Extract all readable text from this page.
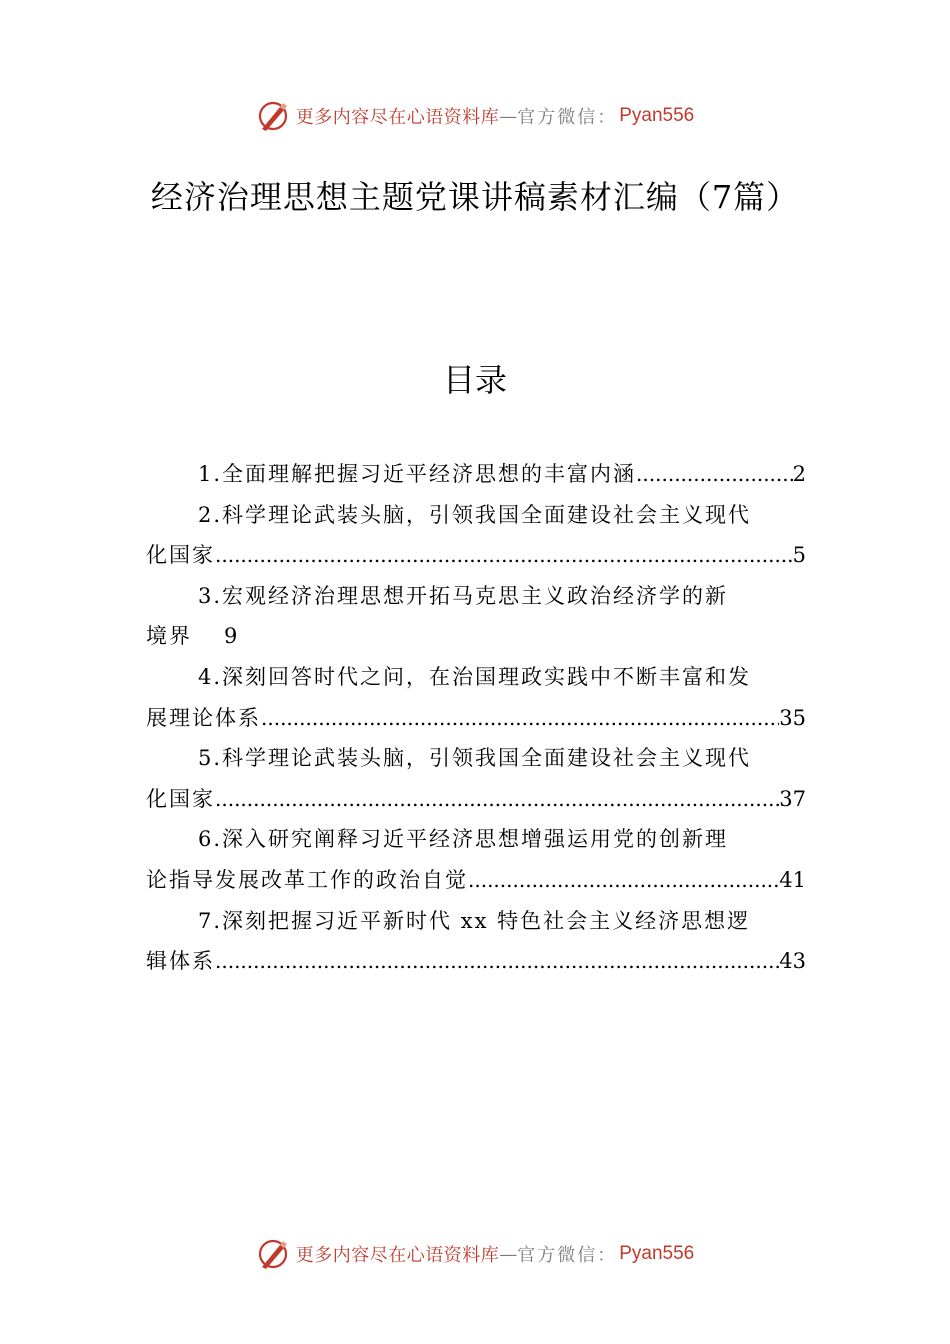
更多内容尽在心语资料库 — 官方微信： Pyan556
经济治理思想主题党课讲稿素材汇编（7篇）
目录
1. 全面理解把握习近平经济思想的丰富内涵 .....	2
2. 科学理论武装头脑，引领我国全面建设社会主义现代
化国家 .....	5
3. 宏观经济治理思想开拓马克思主义政治经济学的新
境界 9
4. 深刻回答时代之问，在治国理政实践中不断丰富和发
展理论体系 .....	35
5. 科学理论武装头脑，引领我国全面建设社会主义现代
化国家 .....	37
6. 深入研究阐释习近平经济思想增强运用党的创新理
论指导发展改革工作的政治自觉 .....	41
7. 深刻把握习近平新时代 xx 特色社会主义经济思想逻
辑体系 .....	43
更多内容尽在心语资料库 — 官方微信： Pyan556
